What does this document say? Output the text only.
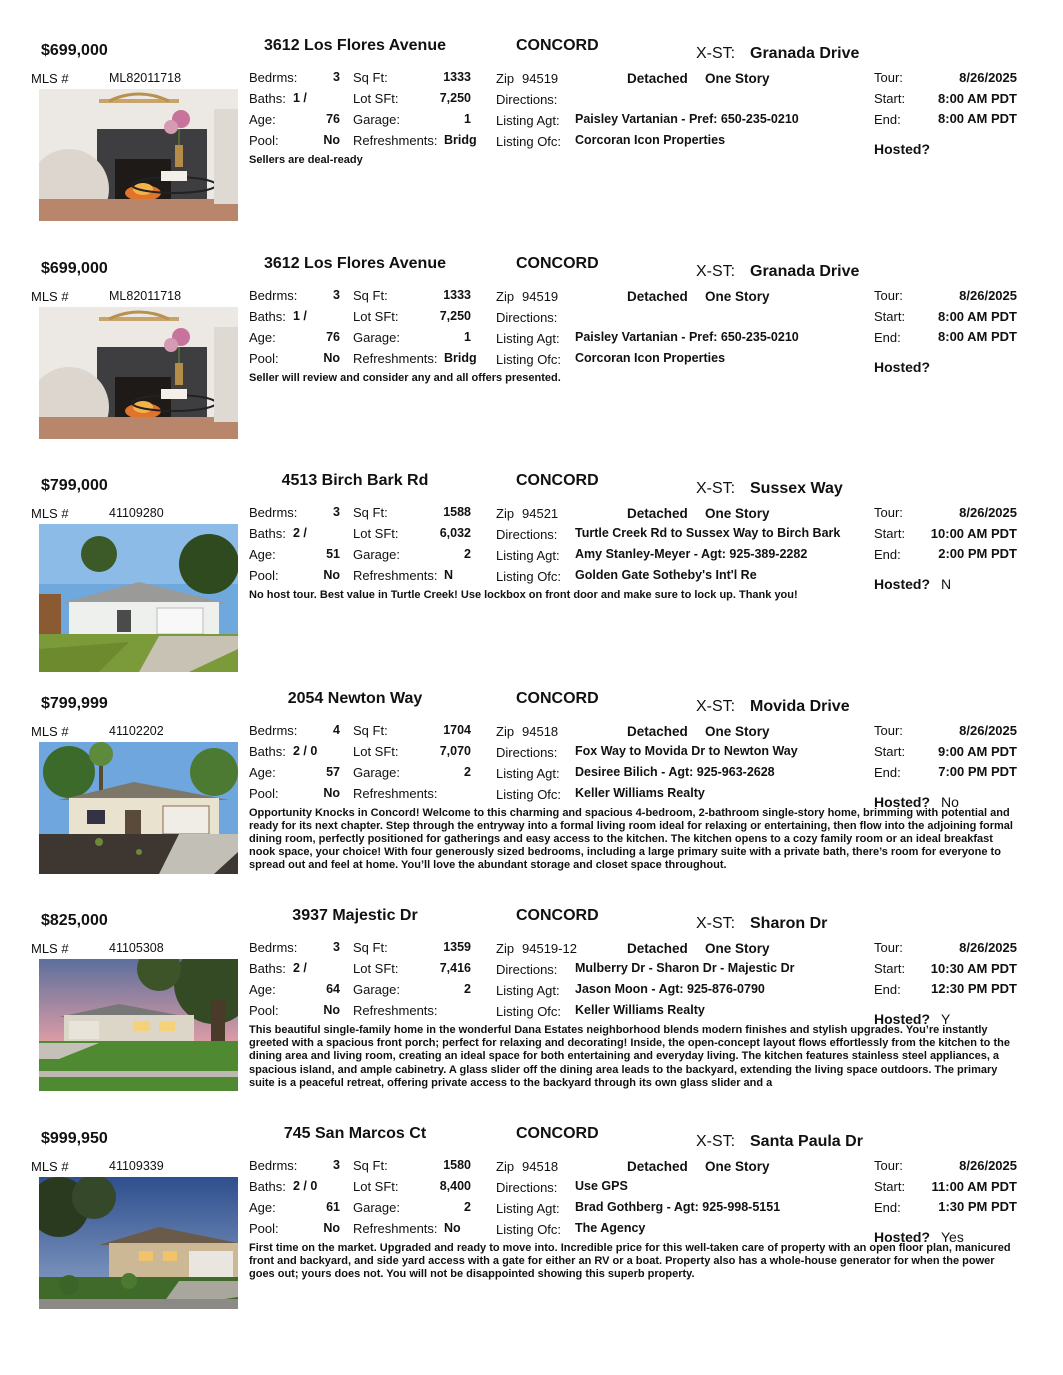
$699,000	3612 Los Flores Avenue	CONCORD	X-ST: Granada Drive
MLS #	ML82011718	Bedrms:	3
Baths: 1 /
Age:	76
Pool:	No
Sq Ft:	1333
Lot SFt:	7,250
Garage:	1
Refreshments: Bridg
Zip 94519	Detached One Story
Directions:
Listing Agt: Paisley Vartanian - Pref: 650-235-0210
Listing Ofc: Corcoran Icon Properties
Tour:	8/26/2025
Start:	8:00 AM PDT
End:	8:00 AM PDT
Hosted?
Sellers are deal-ready
$699,000	3612 Los Flores Avenue	CONCORD	X-ST: Granada Drive
MLS #	ML82011718	Bedrms:	3
Baths: 1 /
Age:	76
Pool:	No
Sq Ft:	1333
Lot SFt:	7,250
Garage:	1
Refreshments: Bridg
Zip 94519	Detached One Story
Directions:
Listing Agt: Paisley Vartanian - Pref: 650-235-0210
Listing Ofc: Corcoran Icon Properties
Tour:	8/26/2025
Start:	8:00 AM PDT
End:	8:00 AM PDT
Hosted?
Seller will review and consider any and all offers presented.
$799,000	4513 Birch Bark Rd	CONCORD	X-ST: Sussex Way
MLS #	41109280	Bedrms:	3
Baths: 2 /
Age:	51
Pool:	No
Sq Ft:	1588
Lot SFt:	6,032
Garage:	2
Refreshments: N
Zip 94521	Detached One Story
Directions: Turtle Creek Rd to Sussex Way to Birch Bark
Listing Agt: Amy Stanley-Meyer - Agt: 925-389-2282
Listing Ofc: Golden Gate Sotheby's Int'l Re
Tour:	8/26/2025
Start:	10:00 AM PDT
End:	2:00 PM PDT
Hosted? N
No host tour. Best value in Turtle Creek! Use lockbox on front door and make sure to lock up. Thank you!
$799,999	2054 Newton Way	CONCORD	X-ST: Movida Drive
MLS #	41102202	Bedrms:	4
Baths: 2 / 0
Age:	57
Pool:	No
Sq Ft:	1704
Lot SFt:	7,070
Garage:	2
Refreshments:
Zip 94518	Detached One Story
Directions: Fox Way to Movida Dr to Newton Way
Listing Agt: Desiree Bilich - Agt: 925-963-2628
Listing Ofc: Keller Williams Realty
Tour:	8/26/2025
Start:	9:00 AM PDT
End:	7:00 PM PDT
Hosted? No
Opportunity Knocks in Concord! Welcome to this charming and spacious 4-bedroom, 2-bathroom single-story home, brimming with potential and ready for its next chapter. Step through the entryway into a formal living room ideal for relaxing or entertaining, then flow into the adjoining formal dining room, perfectly positioned for gatherings and easy access to the kitchen. The kitchen opens to a cozy family room or an ideal breakfast nook space, your choice! With four generously sized bedrooms, including a large primary suite with a private bath, there’s room for everyone to spread out and feel at home. You’ll love the abundant storage and closet space throughout.
$825,000	3937 Majestic Dr	CONCORD	X-ST: Sharon Dr
MLS #	41105308	Bedrms:	3
Baths: 2 /
Age:	64
Pool:	No
Sq Ft:	1359
Lot SFt:	7,416
Garage:	2
Refreshments:
Zip 94519-12	Detached One Story
Directions: Mulberry Dr - Sharon Dr - Majestic Dr
Listing Agt: Jason Moon - Agt: 925-876-0790
Listing Ofc: Keller Williams Realty
Tour:	8/26/2025
Start:	10:30 AM PDT
End:	12:30 PM PDT
Hosted? Y
This beautiful single-family home in the wonderful Dana Estates neighborhood blends modern finishes and stylish upgrades. You’re instantly greeted with a spacious front porch; perfect for relaxing and decorating! Inside, the open-concept layout flows effortlessly from the kitchen to the dining area and living room, creating an ideal space for both entertaining and everyday living. The kitchen features stainless steel appliances, a spacious island, and ample cabinetry. A glass slider off the dining area leads to the backyard, extending the living space outdoors. The primary suite is a peaceful retreat, offering private access to the backyard through its own glass slider and a
$999,950	745 San Marcos Ct	CONCORD	X-ST: Santa Paula Dr
MLS #	41109339	Bedrms:	3
Baths: 2 / 0
Age:	61
Pool:	No
Sq Ft:	1580
Lot SFt:	8,400
Garage:	2
Refreshments: No
Zip 94518	Detached One Story
Directions: Use GPS
Listing Agt: Brad Gothberg - Agt: 925-998-5151
Listing Ofc: The Agency
Tour:	8/26/2025
Start:	11:00 AM PDT
End:	1:30 PM PDT
Hosted? Yes
First time on the market. Upgraded and ready to move into. Incredible price for this well-taken care of property with an open floor plan, manicured front and backyard, and side yard access with a gate for either an RV or a boat. Property also has a whole-house generator for when the power goes out; yours does not. You will not be disappointed showing this superb property.
